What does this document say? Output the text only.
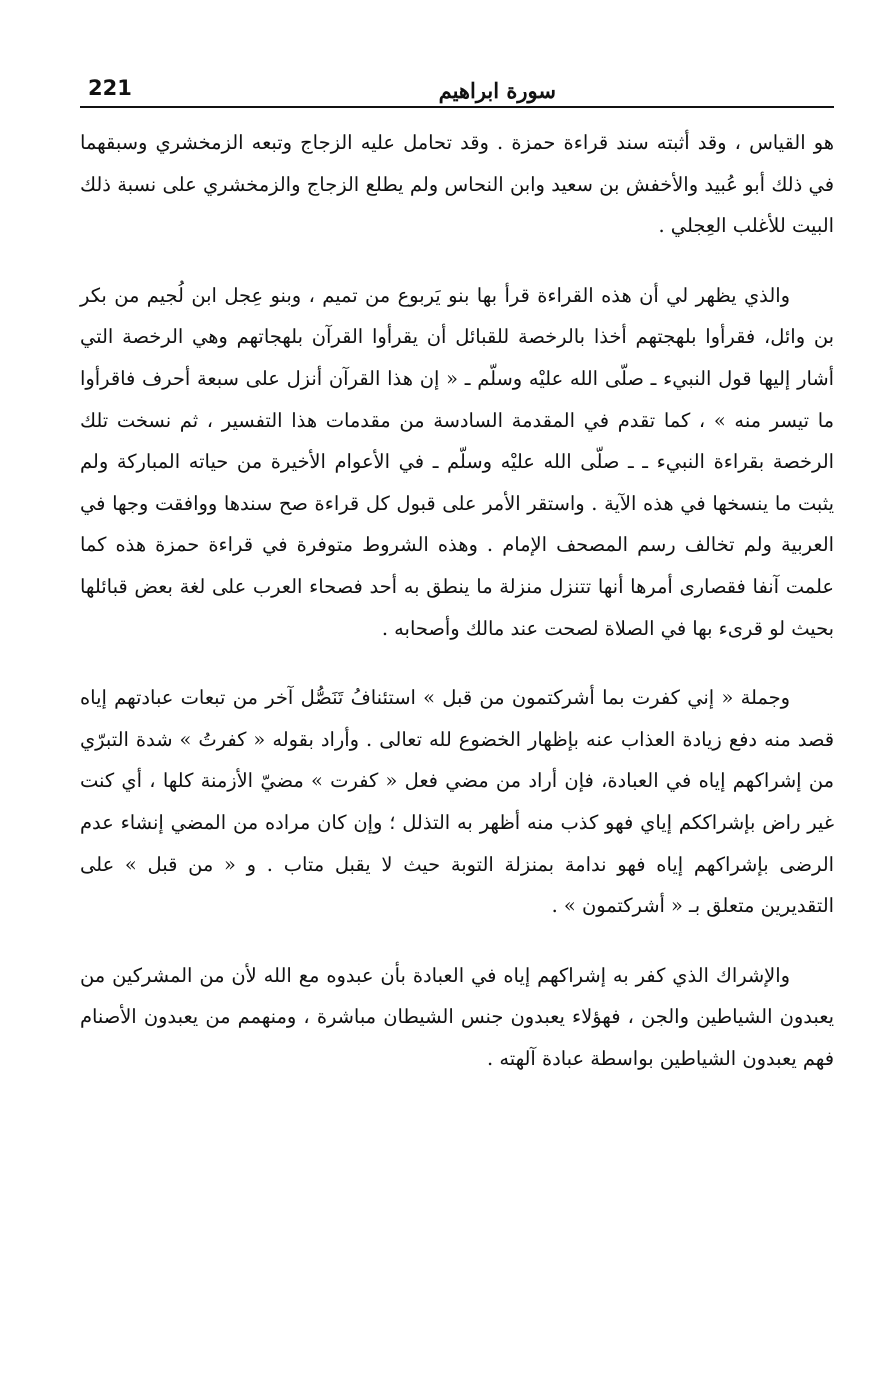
221	سورة ابراهيم

هو القياس ، وقد أثبته سند قراءة حمزة . وقد تحامل عليه الزجاج وتبعه الزمخشري وسبقهما في ذلك أبو عُبيد والأخفش بن سعيد وابن النحاس ولم يطلع الزجاج والزمخشري على نسبة ذلك البيت للأغلب العِجلي .

والذي يظهر لي أن هذه القراءة قرأ بها بنو يَربوع من تميم ، وبنو عِجل ابن لُجيم من بكر بن وائل، فقرأوا بلهجتهم أخذا بالرخصة للقبائل أن يقرأوا القرآن بلهجاتهم وهي الرخصة التي أشار إليها قول النبيء ـ صلّى الله عليْه وسلّم ـ « إن هذا القرآن أنزل على سبعة أحرف فاقرأوا ما تيسر منه » ، كما تقدم في المقدمة السادسة من مقدمات هذا التفسير ، ثم نسخت تلك الرخصة بقراءة النبيء ـ ـ صلّى الله عليْه وسلّم ـ في الأعوام الأخيرة من حياته المباركة ولم يثبت ما ينسخها في هذه الآية . واستقر الأمر على قبول كل قراءة صح سندها ووافقت وجها في العربية ولم تخالف رسم المصحف الإمام . وهذه الشروط متوفرة في قراءة حمزة هذه كما علمت آنفا فقصارى أمرها أنها تتنزل منزلة ما ينطق به أحد فصحاء العرب على لغة بعض قبائلها بحيث لو قرىء بها في الصلاة لصحت عند مالك وأصحابه .

وجملة « إني كفرت بما أشركتمون من قبل » استئنافُ تَنَصُّل آخر من تبعات عبادتهم إياه قصد منه دفع زيادة العذاب عنه بإظهار الخضوع لله تعالى . وأراد بقوله « كفرتُ » شدة التبرّي من إشراكهم إياه في العبادة، فإن أراد من مضي فعل « كفرت » مضيّ الأزمنة كلها ، أي كنت غير راض بإشراككم إياي فهو كذب منه أظهر به التذلل ؛ وإن كان مراده من المضي إنشاء عدم الرضى بإشراكهم إياه فهو ندامة بمنزلة التوبة حيث لا يقبل متاب . و « من قبل » على التقديرين متعلق بـ « أشركتمون » .

والإشراك الذي كفر به إشراكهم إياه في العبادة بأن عبدوه مع الله لأن من المشركين من يعبدون الشياطين والجن ، فهؤلاء يعبدون جنس الشيطان مباشرة ، ومنهمم من يعبدون الأصنام فهم يعبدون الشياطين بواسطة عبادة آلهته .
